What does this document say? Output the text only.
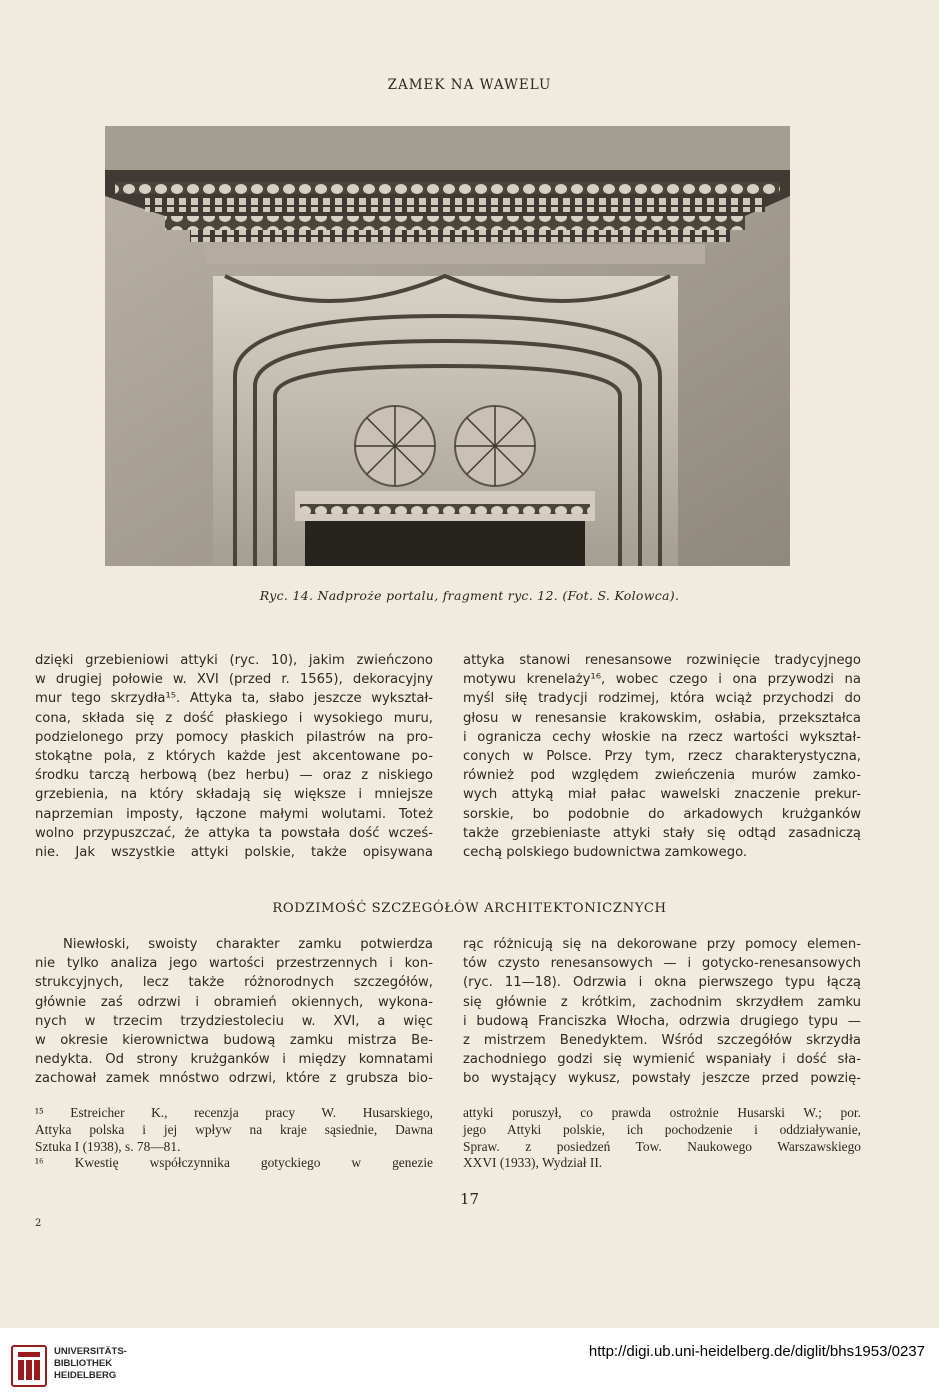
ZAMEK NA WAWELU
Ryc. 14. Nadproże portalu, fragment ryc. 12. (Fot. S. Kolowca).
dzięki grzebieniowi attyki (ryc. 10), jakim zwieńczono
w drugiej połowie w. XVI (przed r. 1565), dekoracyjny
mur tego skrzydła¹⁵. Attyka ta, słabo jeszcze wykształ-
cona, składa się z dość płaskiego i wysokiego muru,
podzielonego przy pomocy płaskich pilastrów na pro-
stokątne pola, z których każde jest akcentowane po-
środku tarczą herbową (bez herbu) — oraz z niskiego
grzebienia, na który składają się większe i mniejsze
naprzemian imposty, łączone małymi wolutami. Toteż
wolno przypuszczać, że attyka ta powstała dość wcześ-
nie. Jak wszystkie attyki polskie, także opisywana
attyka stanowi renesansowe rozwinięcie tradycyjnego
motywu krenelaży¹⁶, wobec czego i ona przywodzi na
myśl siłę tradycji rodzimej, która wciąż przychodzi do
głosu w renesansie krakowskim, osłabia, przekształca
i ogranicza cechy włoskie na rzecz wartości wykształ-
conych w Polsce. Przy tym, rzecz charakterystyczna,
również pod względem zwieńczenia murów zamko-
wych attyką miał pałac wawelski znaczenie prekur-
sorskie, bo podobnie do arkadowych krużganków
także grzebieniaste attyki stały się odtąd zasadniczą
cechą polskiego budownictwa zamkowego.
RODZIMOŚĆ SZCZEGÓŁÓW ARCHITEKTONICZNYCH
Niewłoski, swoisty charakter zamku potwierdza
nie tylko analiza jego wartości przestrzennych i kon-
strukcyjnych, lecz także różnorodnych szczegółów,
głównie zaś odrzwi i obramień okiennych, wykona-
nych w trzecim trzydziestoleciu w. XVI, a więc
w okresie kierownictwa budową zamku mistrza Be-
nedykta. Od strony krużganków i między komnatami
zachował zamek mnóstwo odrzwi, które z grubsza bio-
rąc różnicują się na dekorowane przy pomocy elemen-
tów czysto renesansowych — i gotycko-renesansowych
(ryc. 11—18). Odrzwia i okna pierwszego typu łączą
się głównie z krótkim, zachodnim skrzydłem zamku
i budową Franciszka Włocha, odrzwia drugiego typu —
z mistrzem Benedyktem. Wśród szczegółów skrzydła
zachodniego godzi się wymienić wspaniały i dość sła-
bo wystający wykusz, powstały jeszcze przed powzię-
¹⁵ Estreicher K., recenzja pracy W. Husarskiego,
Attyka polska i jej wpływ na kraje sąsiednie, Dawna
Sztuka I (1938), s. 78—81.
¹⁶ Kwestię współczynnika gotyckiego w genezie
attyki poruszył, co prawda ostrożnie Husarski W.; por.
jego Attyki polskie, ich pochodzenie i oddziaływanie,
Spraw. z posiedzeń Tow. Naukowego Warszawskiego
XXVI (1933), Wydział II.
17
2
UNIVERSITÄTS-
BIBLIOTHEK
HEIDELBERG
http://digi.ub.uni-heidelberg.de/diglit/bhs1953/0237
